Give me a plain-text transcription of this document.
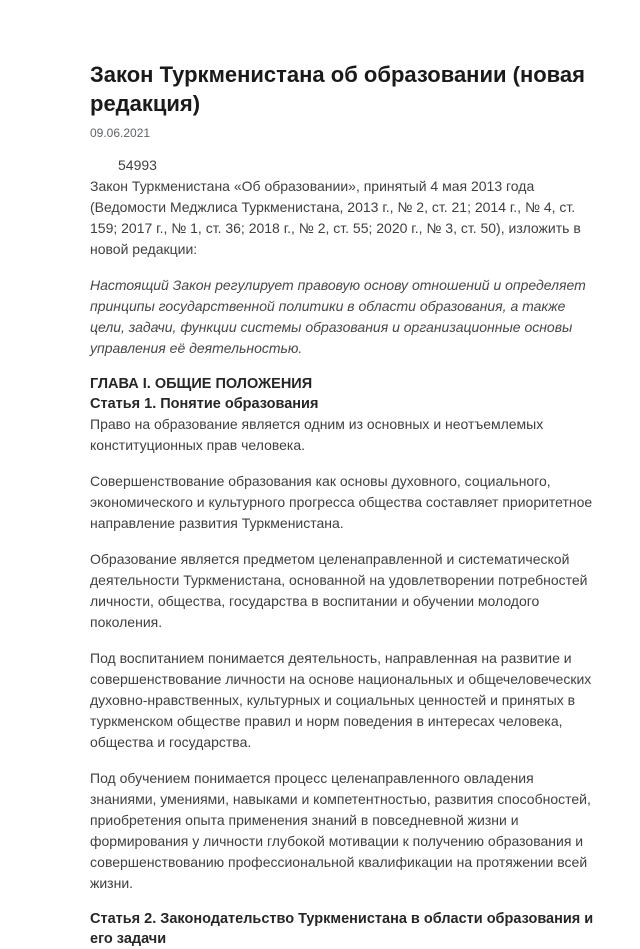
Закон Туркменистана об образовании (новая редакция)
09.06.2021
54993

Закон Туркменистана «Об образовании», принятый 4 мая 2013 года (Ведомости Меджлиса Туркменистана, 2013 г., № 2, ст. 21; 2014 г., № 4, ст. 159; 2017 г., № 1, ст. 36; 2018 г., № 2, ст. 55; 2020 г., № 3, ст. 50), изложить в новой редакции:

Настоящий Закон регулирует правовую основу отношений и определяет принципы государственной политики в области образования, а также цели, задачи, функции системы образования и организационные основы управления её деятельностью.

ГЛАВА I. ОБЩИЕ ПОЛОЖЕНИЯ
Статья 1. Понятие образования

Право на образование является одним из основных и неотъемлемых конституционных прав человека.

Совершенствование образования как основы духовного, социального, экономического и культурного прогресса общества составляет приоритетное направление развития Туркменистана.

Образование является предметом целенаправленной и систематической деятельности Туркменистана, основанной на удовлетворении потребностей личности, общества, государства в воспитании и обучении молодого поколения.

Под воспитанием понимается деятельность, направленная на развитие и совершенствование личности на основе национальных и общечеловеческих духовно-нравственных, культурных и социальных ценностей и принятых в туркменском обществе правил и норм поведения в интересах человека, общества и государства.

Под обучением понимается процесс целенаправленного овладения знаниями, умениями, навыками и компетентностью, развития способностей, приобретения опыта применения знаний в повседневной жизни и формирования у личности глубокой мотивации к получению образования и совершенствованию профессиональной квалификации на протяжении всей жизни.

Статья 2. Законодательство Туркменистана в области образования и его задачи
